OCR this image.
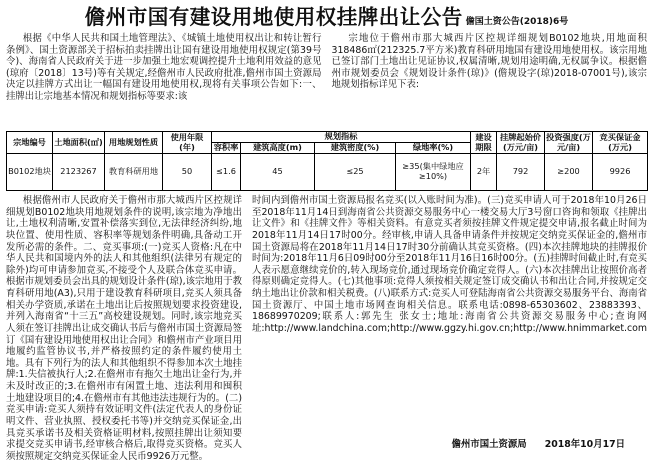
儋州市国有建设用地使用权挂牌出让公告 儋国土资公告(2018)6号

根据《中华人民共和国土地管理法》、《城镇土地使用权出让和转让暂行条例》、国土资源部关于招标拍卖挂牌出让国有建设用地使用权规定(第39号令)、海南省人民政府关于进一步加强土地宏观调控提升土地利用效益的意见(琼府〔2018〕13号)等有关规定,经儋州市人民政府批准,儋州市国土资源局决定以挂牌方式出让一幅国有建设用地使用权,现将有关事项公告如下:一、挂牌出让宗地基本情况和规划指标等要求:该

宗地位于儋州市那大城西片区控规详细规划B0102地块,用地面积318486㎡(212325.7平方米)教育科研用地国有建设用地使用权。该宗用地已签订部门土地出让见证协议,权属清晰,规划用途明确,无权属争议。根据儋州市规划委员会《规划设计条件(琼)》(儋规设字(琼)2018-07001号),该宗地规划指标详见下表:

宗地编号	土地面积(㎡)	用地规划性质	使用年限(年)	规划指标				建设期限	挂牌起始价(万元/亩)	投资强度(万元/亩)	竞买保证金(万元)
				容积率	建筑高度(m)	建筑密度(%)	绿地率(%)				
B0102地块	2123267	教育科研用地	50	≤1.6	45	≤25	≥35(集中绿地应≥10%)	2年	792	≥200	9926

根据儋州市人民政府关于儋州市那大城西片区控规详细规划B0102地块用地规划条件的说明,该宗地为净地出让,土地权利清晰,安置补偿落实到位,无法律经济纠纷,地块位置、使用性质、容积率等规划条件明确,具备动工开发所必需的条件。二、竞买事项:(一)竞买人资格:凡在中华人民共和国境内外的法人和其他组织(法律另有规定的除外)均可申请参加竞买,不接受个人及联合体竞买申请。根据市规划委员会出具的规划设计条件(琼),该宗地用于教育科研用地(A3),只用于建设教育科研项目,竞买人须具备相关办学资质,承诺在土地出让后按照规划要求投资建设,并列入海南省“十三五”高校建设规划。同时,该宗地竞买人须在签订挂牌出让成交确认书后与儋州市国土资源局签订《国有建设用地使用权出让合同》和儋州市产业项目用地履约监管协议书,并严格按照约定的条件履约使用土地。具有下列行为的法人和其他组织不得参加本次土地挂牌:1.失信被执行人;2.在儋州市有拖欠土地出让金行为,并未及时改正的;3.在儋州市有闲置土地、违法利用和囤积土地建设项目的;4.在儋州市有其他违法违规行为的。(二)竞买申请:竞买人须持有效证明文件(法定代表人的身份证明文件、营业执照、授权委托书等)并交纳竞买保证金,出具竞买承诺书及相关资格证明材料,按照挂牌出让须知要求提交竞买申请书,经审核合格后,取得竞买资格。竞买人须按照规定交纳竞买保证金人民币9926万元整。

时间内到儋州市国土资源局报名竞买(以入账时间为准)。(三)竞买申请人可于2018年10月26日至2018年11月14日到海南省公共资源交易服务中心一楼交易大厅3号窗口咨询和领取《挂牌出让文件》和《挂牌文件》等相关资料。有意竞买者须按挂牌文件规定提交申请,报名截止时间为2018年11月14日17时00分。经审核,申请人具备申请条件并按规定交纳竞买保证金的,儋州市国土资源局将在2018年11月14日17时30分前确认其竞买资格。(四)本次挂牌地块的挂牌报价时间为:2018年11月6日09时00分至2018年11月16日16时00分。(五)挂牌时间截止时,有竞买人表示愿意继续竞价的,转入现场竞价,通过现场竞价确定竞得人。(六)本次挂牌出让按照价高者得原则确定竞得人。(七)其他事项:竞得人须按相关规定签订成交确认书和出让合同,并按规定交纳土地出让价款和相关税费。(八)联系方式:竞买人可登陆海南省公共资源交易服务平台、海南省国土资源厅、中国土地市场网查询相关信息。联系电话:0898-65303602、23883393、18689970209;联系人:郭先生 张女士;地址:海南省公共资源交易服务中心;查询网址:http://www.landchina.com;http://www.ggzy.hi.gov.cn;http://www.hnimmarket.com

儋州市国土资源局 2018年10月17日
